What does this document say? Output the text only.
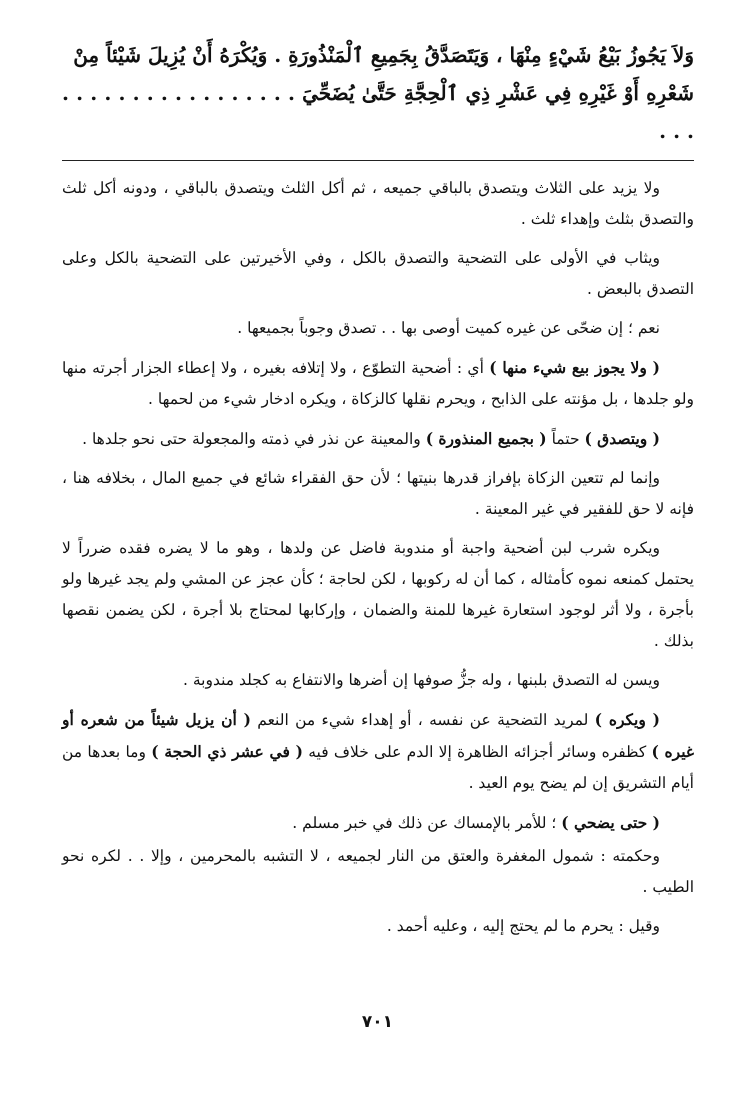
وَلاَ يَجُوزُ بَيْعُ شَيْءٍ مِنْهَا ، وَيَتَصَدَّقُ بِجَمِيعِ ٱلْمَنْذُورَةِ . وَيُكْرَهُ أَنْ يُزِيلَ شَيْئاً مِنْ
شَعْرِهِ أَوْ غَيْرِهِ فِي عَشْرِ ذِي ٱلْحِجَّةِ حَتَّىٰ يُضَحِّيَ . . . . . . . . . . . . . . . . . . . .

ولا يزيد على الثلاث ويتصدق بالباقي جميعه ، ثم أكل الثلث ويتصدق بالباقي ، ودونه أكل ثلث والتصدق بثلث وإهداء ثلث .

ويثاب في الأولى على التضحية والتصدق بالكل ، وفي الأخيرتين على التضحية بالكل وعلى التصدق بالبعض .

نعم ؛ إن ضحّى عن غيره كميت أوصى بها . . تصدق وجوباً بجميعها .

( ولا يجوز بيع شيء منها ) أي : أضحية التطوّع ، ولا إتلافه بغيره ، ولا إعطاء الجزار أجرته منها ولو جلدها ، بل مؤنته على الذابح ، ويحرم نقلها كالزكاة ، ويكره ادخار شيء من لحمها .

( ويتصدق ) حتماً ( بجميع المنذورة ) والمعينة عن نذر في ذمته والمجعولة حتى نحو جلدها .

وإنما لم تتعين الزكاة بإفراز قدرها بنيتها ؛ لأن حق الفقراء شائع في جميع المال ، بخلافه هنا ، فإنه لا حق للفقير في غير المعينة .

ويكره شرب لبن أضحية واجبة أو مندوبة فاضل عن ولدها ، وهو ما لا يضره فقده ضرراً لا يحتمل كمنعه نموه كأمثاله ، كما أن له ركوبها ، لكن لحاجة ؛ كأن عجز عن المشي ولم يجد غيرها ولو بأجرة ، ولا أثر لوجود استعارة غيرها للمنة والضمان ، وإركابها لمحتاج بلا أجرة ، لكن يضمن نقصها بذلك .

ويسن له التصدق بلبنها ، وله جزُّ صوفها إن أضرها والانتفاع به كجلد مندوبة .

( ويكره ) لمريد التضحية عن نفسه ، أو إهداء شيء من النعم ( أن يزيل شيئاً من شعره أو غيره ) كظفره وسائر أجزائه الظاهرة إلا الدم على خلاف فيه ( في عشر ذي الحجة ) وما بعدها من أيام التشريق إن لم يضح يوم العيد .

( حتى يضحي ) ؛ للأمر بالإمساك عن ذلك في خبر مسلم .

وحكمته : شمول المغفرة والعتق من النار لجميعه ، لا التشبه بالمحرمين ، وإلا . . لكره نحو الطيب .

وقيل : يحرم ما لم يحتج إليه ، وعليه أحمد .

٧٠١
